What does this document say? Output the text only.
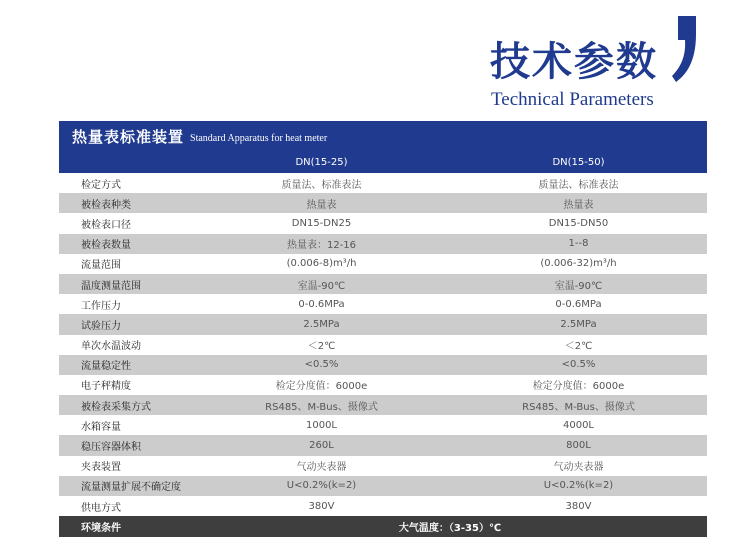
技术参数
Technical Parameters
热量表标准装置 Standard Apparatus for heat meter
DN(15-25)	DN(15-50)
检定方式	质量法、标准表法	质量法、标准表法
被检表种类	热量表	热量表
被检表口径	DN15-DN25	DN15-DN50
被检表数量	热量表：12-16	1--8
流量范围	(0.006-8)m³/h	(0.006-32)m³/h
温度测量范围	室温-90℃	室温-90℃
工作压力	0-0.6MPa	0-0.6MPa
试验压力	2.5MPa	2.5MPa
单次水温波动	＜2℃	＜2℃
流量稳定性	<0.5%	<0.5%
电子秤精度	检定分度值：6000e	检定分度值：6000e
被检表采集方式	RS485、M-Bus、摄像式	RS485、M-Bus、摄像式
水箱容量	1000L	4000L
稳压容器体积	260L	800L
夹表装置	气动夹表器	气动夹表器
流量测量扩展不确定度	U<0.2%(k=2)	U<0.2%(k=2)
供电方式	380V	380V
环境条件	大气温度：（3-35）℃
